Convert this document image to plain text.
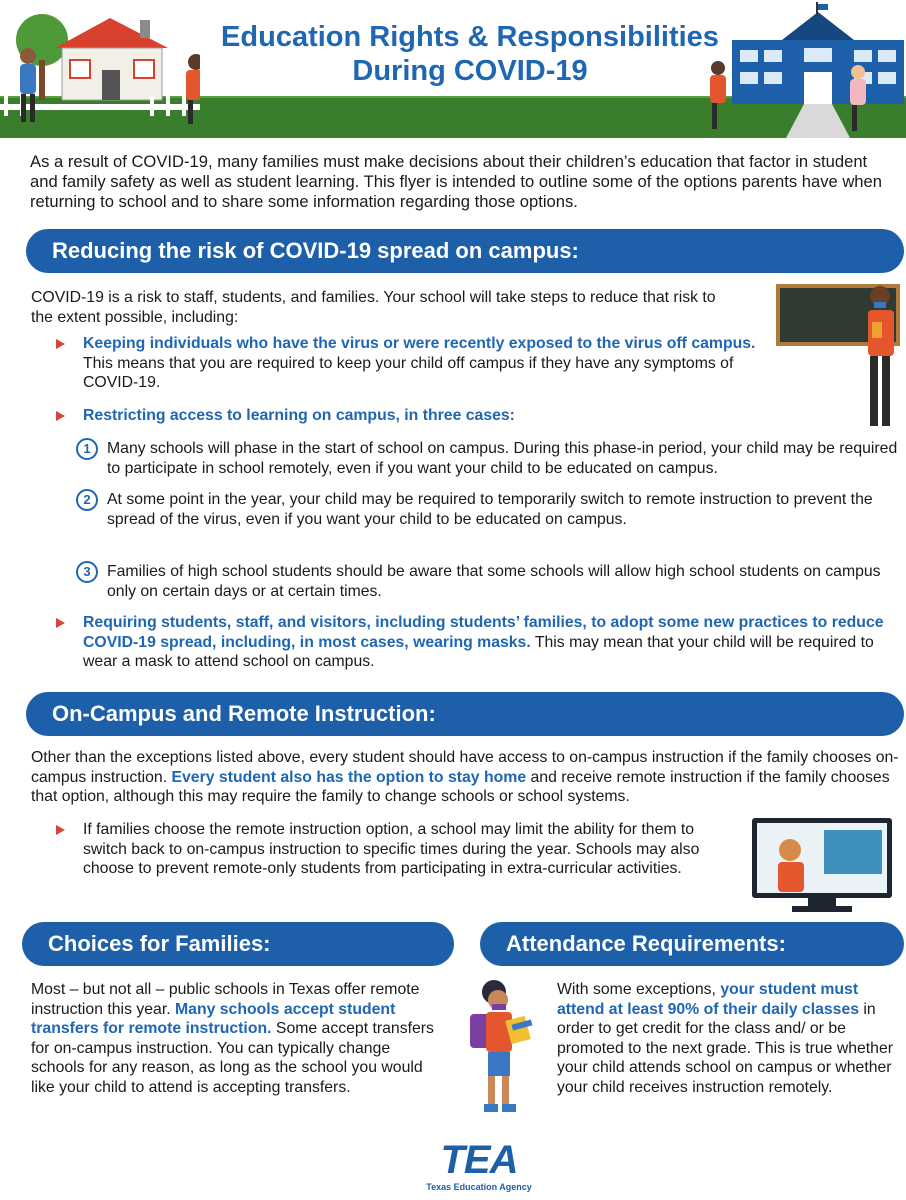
Education Rights & Responsibilities
During COVID-19
As a result of COVID-19, many families must make decisions about their children’s education that factor in student and family safety as well as student learning. This flyer is intended to outline some of the options parents have when returning to school and to share some information regarding those options.
Reducing the risk of COVID-19 spread on campus:
COVID-19 is a risk to staff, students, and families. Your school will take steps to reduce that risk to the extent possible, including:
Keeping individuals who have the virus or were recently exposed to the virus off campus. This means that you are required to keep your child off campus if they have any symptoms of COVID-19.
Restricting access to learning on campus, in three cases:
1	Many schools will phase in the start of school on campus. During this phase-in period, your child may be required to participate in school remotely, even if you want your child to be educated on campus.
2	At some point in the year, your child may be required to temporarily switch to remote instruction to prevent the spread of the virus, even if you want your child to be educated on campus.
3	Families of high school students should be aware that some schools will allow high school students on campus only on certain days or at certain times.
Requiring students, staff, and visitors, including students’ families, to adopt some new practices to reduce COVID-19 spread, including, in most cases, wearing masks. This may mean that your child will be required to wear a mask to attend school on campus.
On-Campus and Remote Instruction:
Other than the exceptions listed above, every student should have access to on-campus instruction if the family chooses on-campus instruction. Every student also has the option to stay home and receive remote instruction if the family chooses that option, although this may require the family to change schools or school systems.
If families choose the remote instruction option, a school may limit the ability for them to switch back to on-campus instruction to specific times during the year. Schools may also choose to prevent remote-only students from participating in extra-curricular activities.
Choices for Families:	Attendance Requirements:
Most – but not all – public schools in Texas offer remote instruction this year. Many schools accept student transfers for remote instruction. Some accept transfers for on-campus instruction. You can typically change schools for any reason, as long as the school you would like your child to attend is accepting transfers.
With some exceptions, your student must attend at least 90% of their daily classes in order to get credit for the class and/ or be promoted to the next grade. This is true whether your child attends school on campus or whether your child receives instruction remotely.
TEA
Texas Education Agency
